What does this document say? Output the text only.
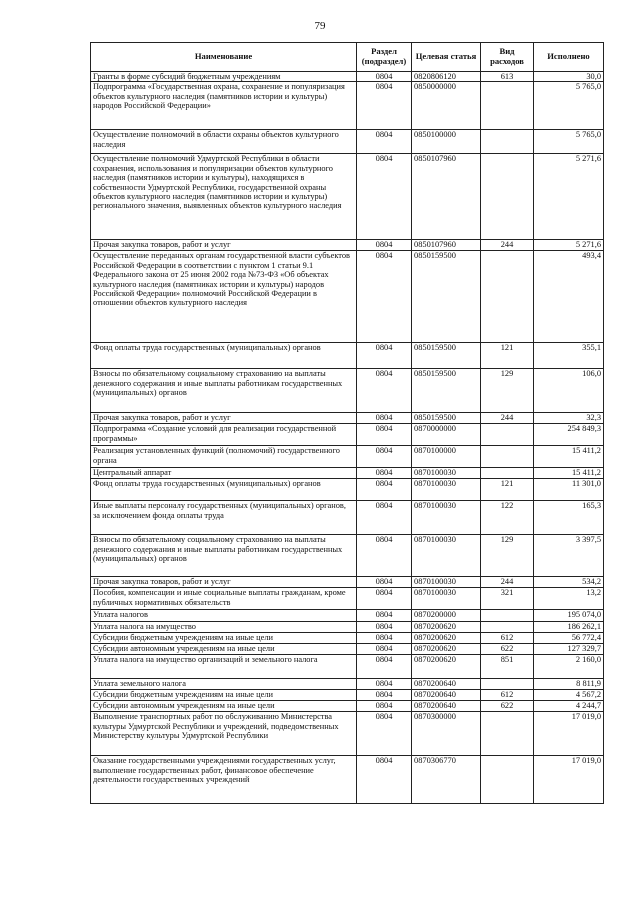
79
Наименование	Раздел (подраздел)	Целевая статья	Вид расходов	Исполнено
Гранты в форме субсидий бюджетным учреждениям	0804	0820806120	613	30,0
Подпрограмма «Государственная охрана, сохранение и популяризация объектов культурного наследия (памятников истории и культуры) народов Российской Федерации»	0804	0850000000		5 765,0
Осуществление полномочий в области охраны объектов культурного наследия	0804	0850100000		5 765,0
Осуществление полномочий Удмуртской Республики в области сохранения, использования и популяризации объектов культурного наследия (памятников истории и культуры), находящихся в собственности Удмуртской Республики, государственной охраны объектов культурного наследия (памятников истории и культуры) регионального значения, выявленных объектов культурного наследия	0804	0850107960		5 271,6
Прочая закупка товаров, работ и услуг	0804	0850107960	244	5 271,6
Осуществление переданных органам государственной власти субъектов Российской Федерации в соответствии с пунктом 1 статьи 9.1 Федерального закона от 25 июня 2002 года №73-ФЗ «Об объектах культурного наследия (памятниках истории и культуры) народов Российской Федерации» полномочий Российской Федерации в отношении объектов культурного наследия	0804	0850159500		493,4
Фонд оплаты труда государственных (муниципальных) органов	0804	0850159500	121	355,1
Взносы по обязательному социальному страхованию на выплаты денежного содержания и иные выплаты работникам государственных (муниципальных) органов	0804	0850159500	129	106,0
Прочая закупка товаров, работ и услуг	0804	0850159500	244	32,3
Подпрограмма «Создание условий для реализации государственной программы»	0804	0870000000		254 849,3
Реализация установленных функций (полномочий) государственного органа	0804	0870100000		15 411,2
Центральный аппарат	0804	0870100030		15 411,2
Фонд оплаты труда государственных (муниципальных) органов	0804	0870100030	121	11 301,0
Иные выплаты персоналу государственных (муниципальных) органов, за исключением фонда оплаты труда	0804	0870100030	122	165,3
Взносы по обязательному социальному страхованию на выплаты денежного содержания и иные выплаты работникам государственных (муниципальных) органов	0804	0870100030	129	3 397,5
Прочая закупка товаров, работ и услуг	0804	0870100030	244	534,2
Пособия, компенсации и иные социальные выплаты гражданам, кроме публичных нормативных обязательств	0804	0870100030	321	13,2
Уплата налогов	0804	0870200000		195 074,0
Уплата налога на имущество	0804	0870200620		186 262,1
Субсидии бюджетным учреждениям на иные цели	0804	0870200620	612	56 772,4
Субсидии автономным учреждениям на иные цели	0804	0870200620	622	127 329,7
Уплата налога на имущество организаций и земельного налога	0804	0870200620	851	2 160,0
Уплата земельного налога	0804	0870200640		8 811,9
Субсидии бюджетным учреждениям на иные цели	0804	0870200640	612	4 567,2
Субсидии автономным учреждениям на иные цели	0804	0870200640	622	4 244,7
Выполнение транспортных работ по обслуживанию Министерства культуры Удмуртской Республики и учреждений, подведомственных Министерству культуры Удмуртской Республики	0804	0870300000		17 019,0
Оказание государственными учреждениями государственных услуг, выполнение государственных работ, финансовое обеспечение деятельности государственных учреждений	0804	0870306770		17 019,0
